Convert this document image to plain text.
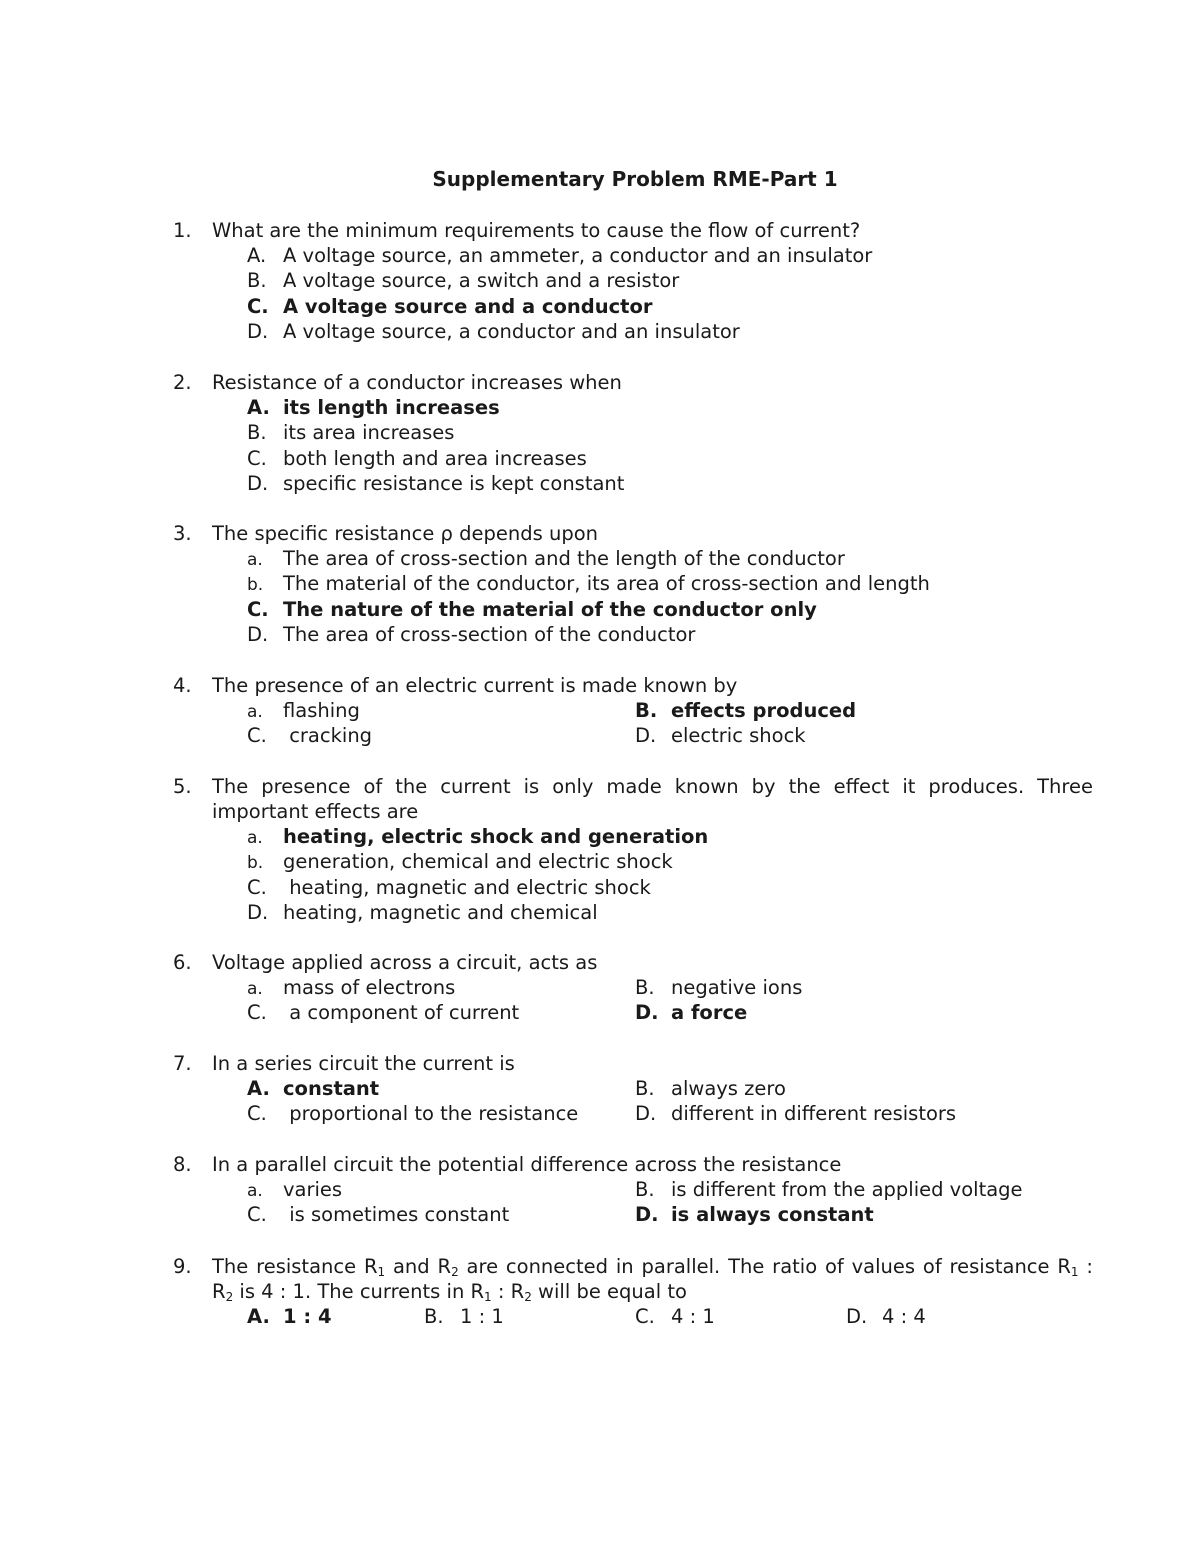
Supplementary Problem RME-Part 1
1. What are the minimum requirements to cause the flow of current?
A. A voltage source, an ammeter, a conductor and an insulator
B. A voltage source, a switch and a resistor
C. A voltage source and a conductor
D. A voltage source, a conductor and an insulator
2. Resistance of a conductor increases when
A. its length increases
B. its area increases
C. both length and area increases
D. specific resistance is kept constant
3. The specific resistance ρ depends upon
a. The area of cross-section and the length of the conductor
b. The material of the conductor, its area of cross-section and length
C. The nature of the material of the conductor only
D. The area of cross-section of the conductor
4. The presence of an electric current is made known by
a. flashing	B. effects produced
C. cracking	D. electric shock
5. The presence of the current is only made known by the effect it produces. Three important effects are
a. heating, electric shock and generation
b. generation, chemical and electric shock
C. heating, magnetic and electric shock
D. heating, magnetic and chemical
6. Voltage applied across a circuit, acts as
a. mass of electrons	B. negative ions
C. a component of current	D. a force
7. In a series circuit the current is
A. constant	B. always zero
C. proportional to the resistance	D. different in different resistors
8. In a parallel circuit the potential difference across the resistance
a. varies	B. is different from the applied voltage
C. is sometimes constant	D. is always constant
9. The resistance $R_1$ and $R_2$ are connected in parallel. The ratio of values of resistance $R_1$ : $R_2$ is 4 : 1. The currents in $R_1$ : $R_2$ will be equal to
A. 1 : 4	B. 1 : 1	C. 4 : 1	D. 4 : 4
